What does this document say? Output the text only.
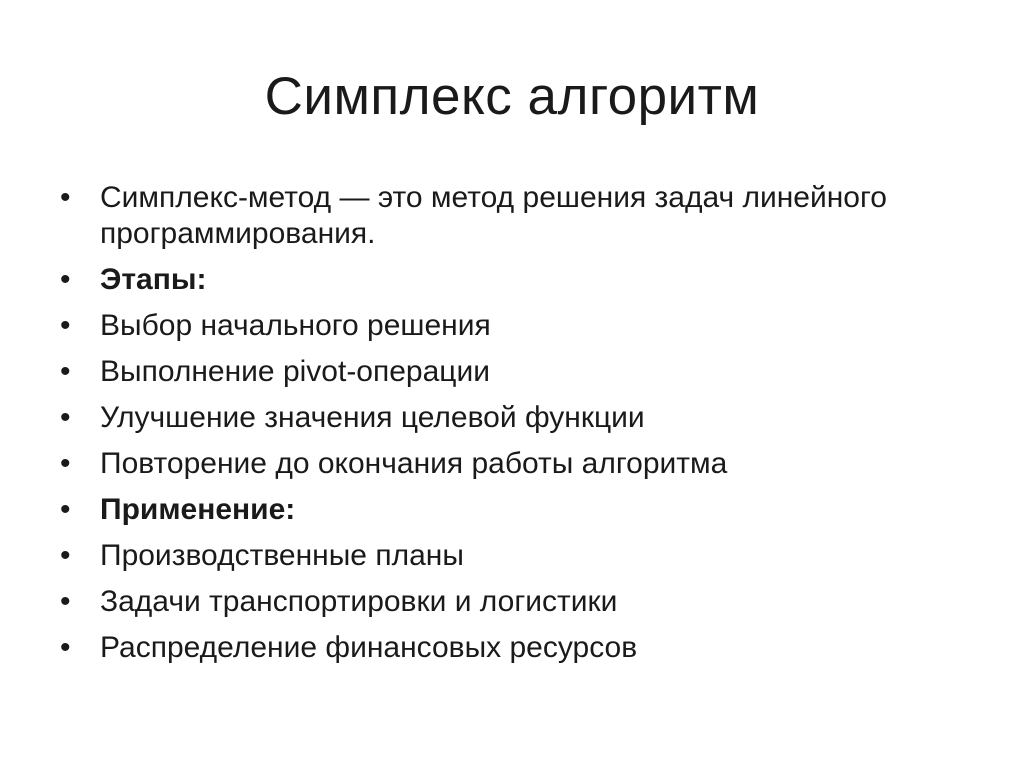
Симплекс алгоритм
• Симплекс-метод — это метод решения задач линейного программирования.
• Этапы:
• Выбор начального решения
• Выполнение pivot-операции
• Улучшение значения целевой функции
• Повторение до окончания работы алгоритма
• Применение:
• Производственные планы
• Задачи транспортировки и логистики
• Распределение финансовых ресурсов
